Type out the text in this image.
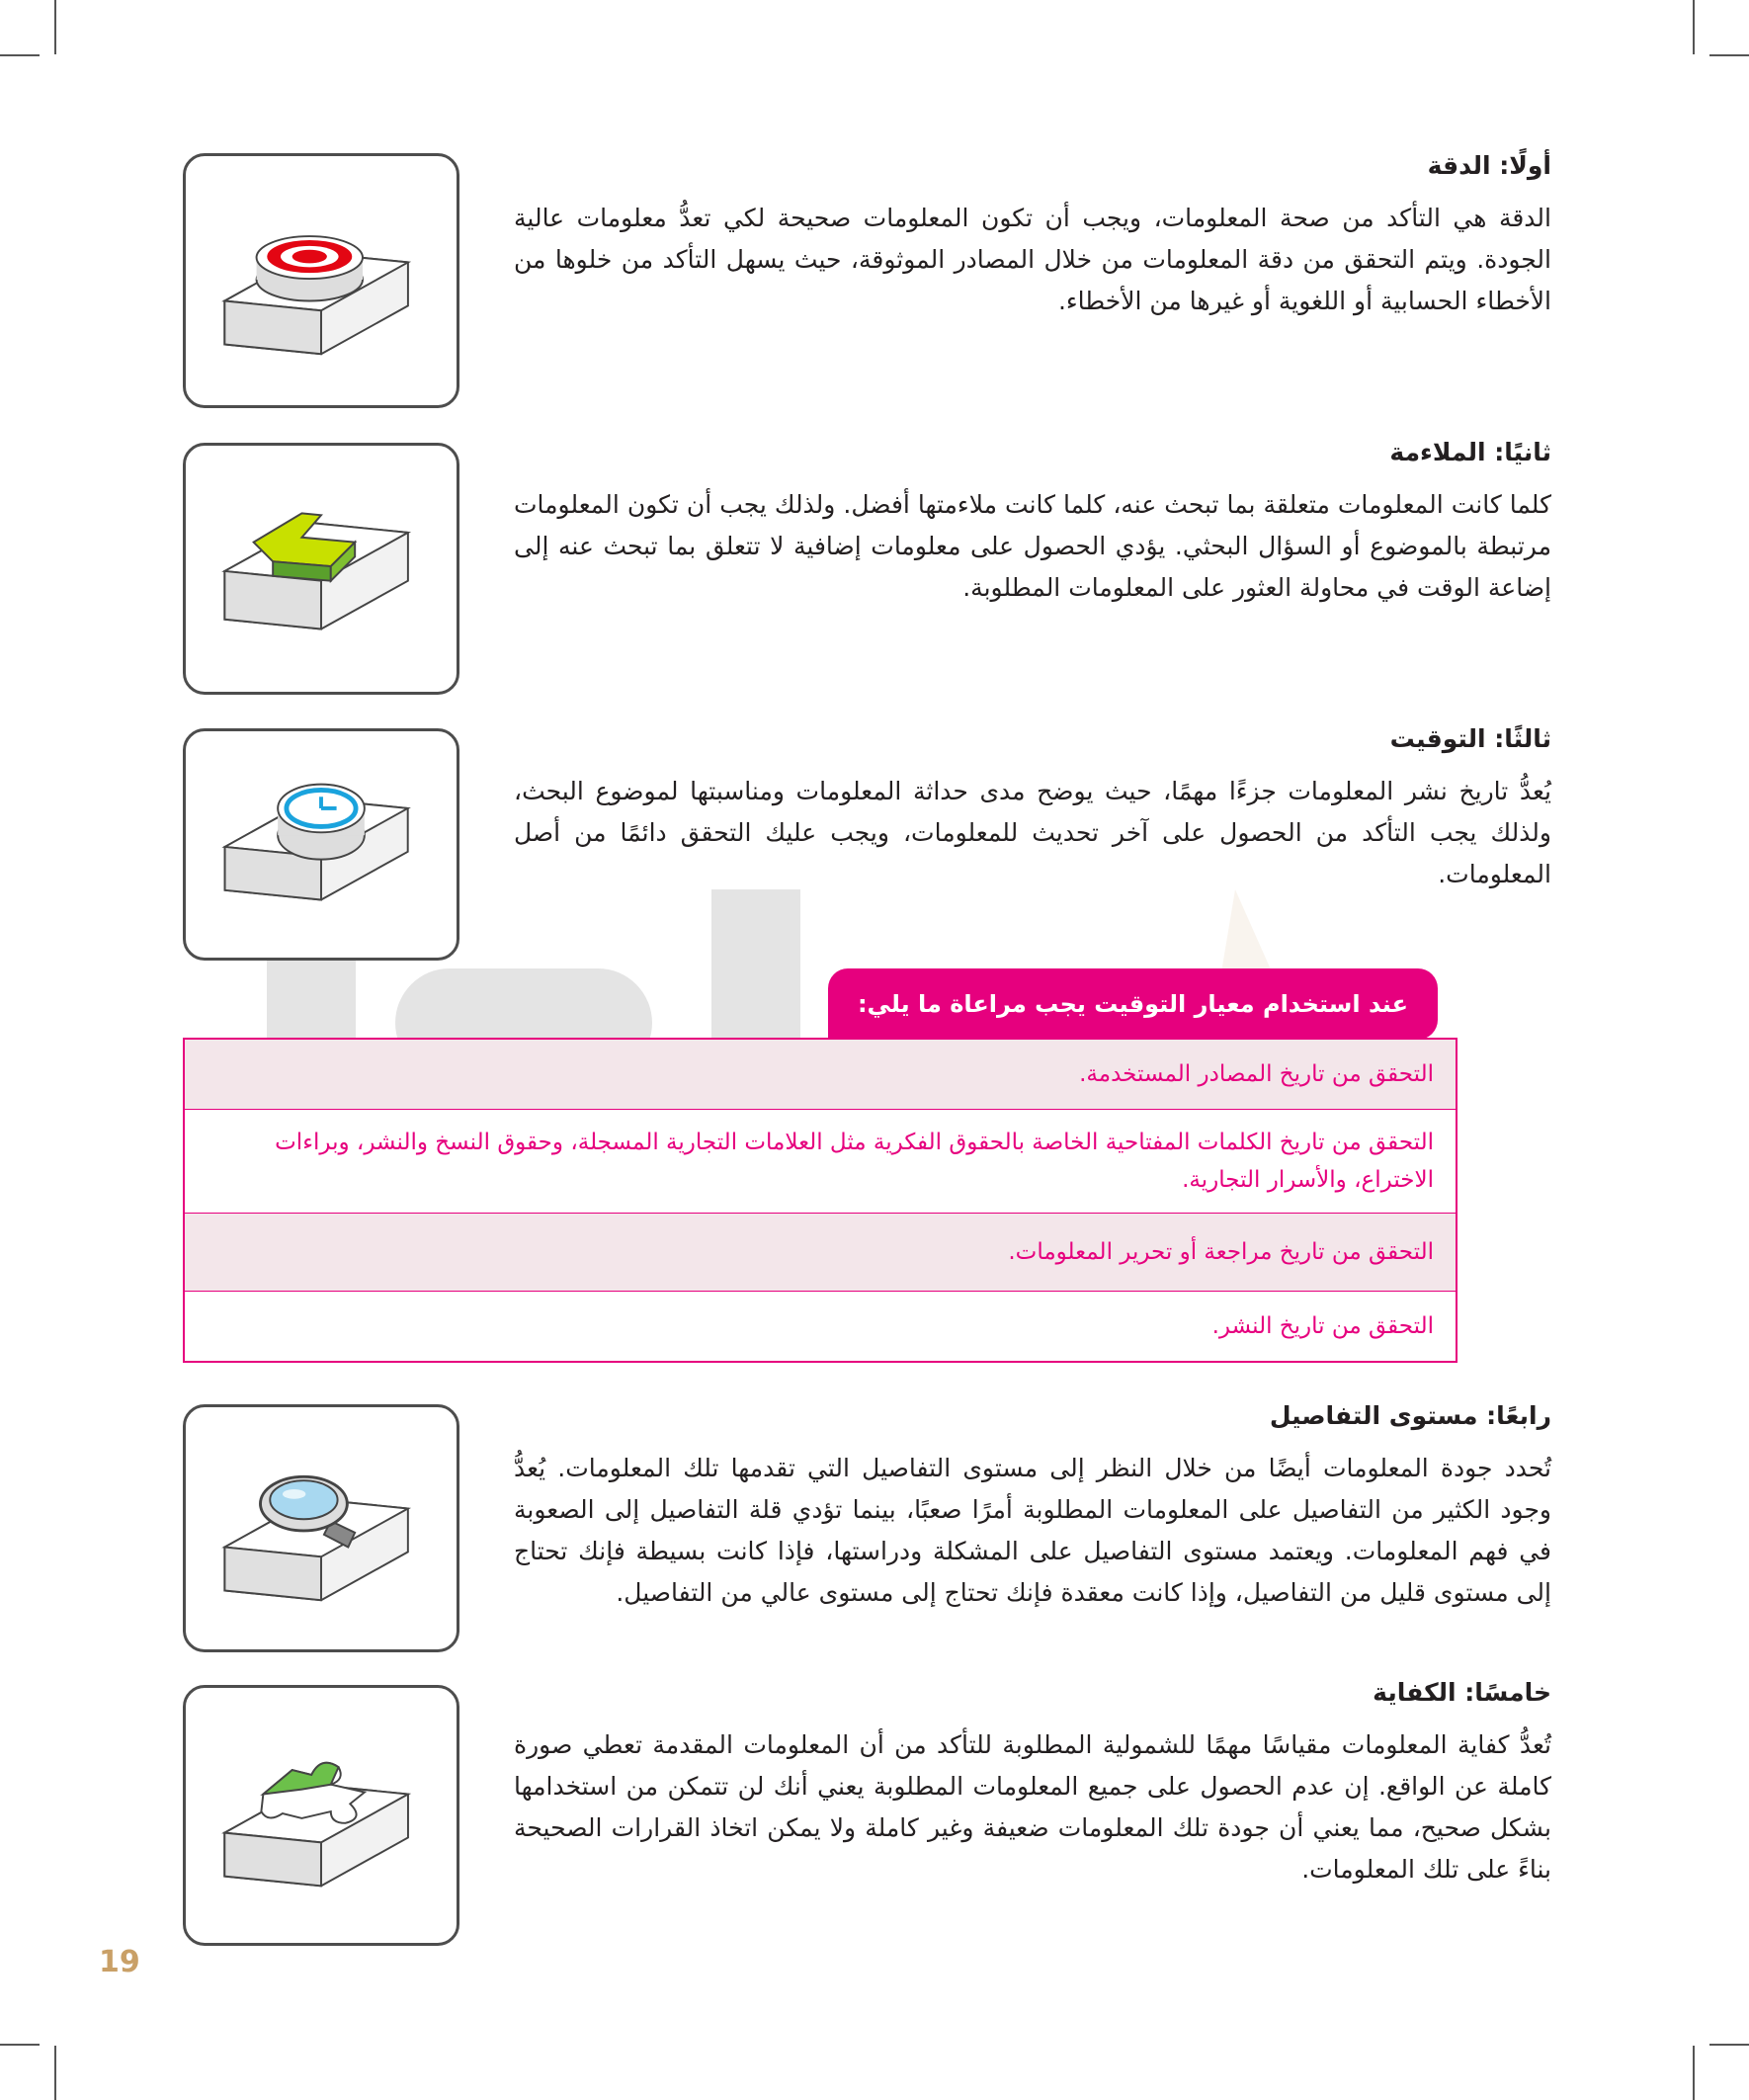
أولًا: الدقة

الدقة هي التأكد من صحة المعلومات، ويجب أن تكون المعلومات صحيحة لكي تعدُّ معلومات عالية الجودة. ويتم التحقق من دقة المعلومات من خلال المصادر الموثوقة، حيث يسهل التأكد من خلوها من الأخطاء الحسابية أو اللغوية أو غيرها من الأخطاء.

ثانيًا: الملاءمة

كلما كانت المعلومات متعلقة بما تبحث عنه، كلما كانت ملاءمتها أفضل. ولذلك يجب أن تكون المعلومات مرتبطة بالموضوع أو السؤال البحثي. يؤدي الحصول على معلومات إضافية لا تتعلق بما تبحث عنه إلى إضاعة الوقت في محاولة العثور على المعلومات المطلوبة.

ثالثًا: التوقيت

يُعدُّ تاريخ نشر المعلومات جزءًا مهمًا، حيث يوضح مدى حداثة المعلومات ومناسبتها لموضوع البحث، ولذلك يجب التأكد من الحصول على آخر تحديث للمعلومات، ويجب عليك التحقق دائمًا من أصل المعلومات.

عند استخدام معيار التوقيت يجب مراعاة ما يلي:
التحقق من تاريخ المصادر المستخدمة.
التحقق من تاريخ الكلمات المفتاحية الخاصة بالحقوق الفكرية مثل العلامات التجارية المسجلة، وحقوق النسخ والنشر، وبراءات الاختراع، والأسرار التجارية.
التحقق من تاريخ مراجعة أو تحرير المعلومات.
التحقق من تاريخ النشر.

رابعًا: مستوى التفاصيل

تُحدد جودة المعلومات أيضًا من خلال النظر إلى مستوى التفاصيل التي تقدمها تلك المعلومات. يُعدُّ وجود الكثير من التفاصيل على المعلومات المطلوبة أمرًا صعبًا، بينما تؤدي قلة التفاصيل إلى الصعوبة في فهم المعلومات. ويعتمد مستوى التفاصيل على المشكلة ودراستها، فإذا كانت بسيطة فإنك تحتاج إلى مستوى قليل من التفاصيل، وإذا كانت معقدة فإنك تحتاج إلى مستوى عالي من التفاصيل.

خامسًا: الكفاية

تُعدُّ كفاية المعلومات مقياسًا مهمًا للشمولية المطلوبة للتأكد من أن المعلومات المقدمة تعطي صورة كاملة عن الواقع. إن عدم الحصول على جميع المعلومات المطلوبة يعني أنك لن تتمكن من استخدامها بشكل صحيح، مما يعني أن جودة تلك المعلومات ضعيفة وغير كاملة ولا يمكن اتخاذ القرارات الصحيحة بناءً على تلك المعلومات.

19
